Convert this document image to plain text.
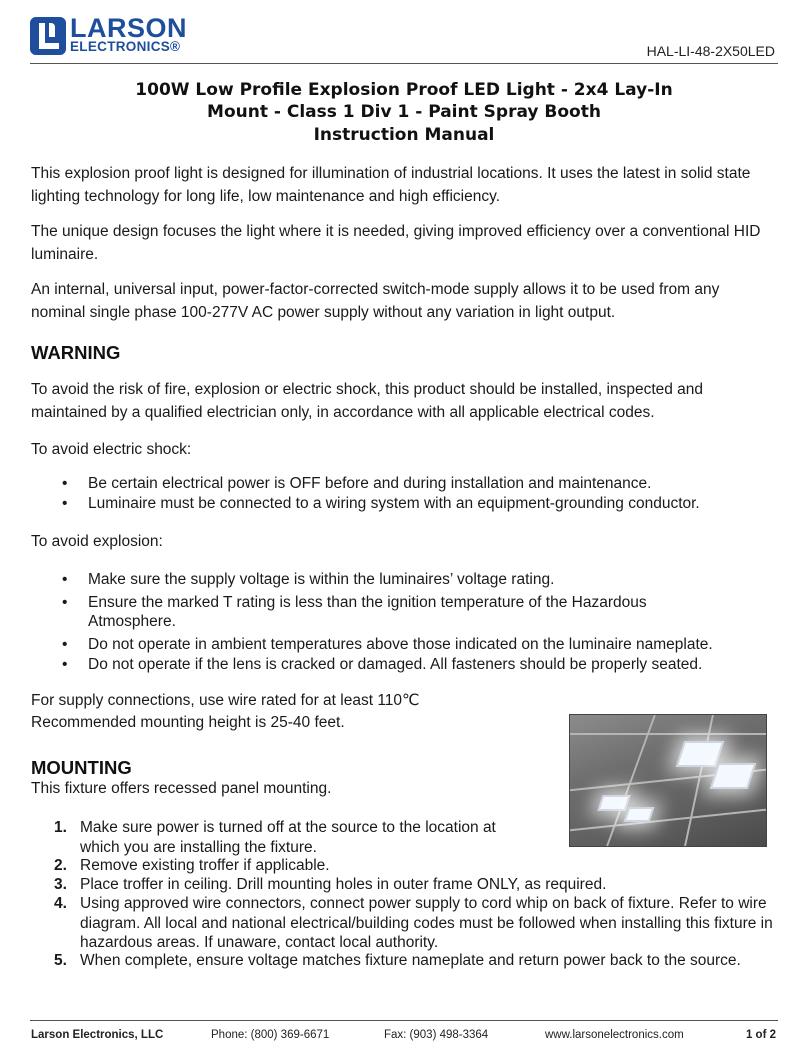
LARSON
ELECTRONICS®	HAL-LI-48-2X50LED
100W Low Profile Explosion Proof LED Light - 2x4 Lay-In
Mount - Class 1 Div 1 - Paint Spray Booth
Instruction Manual
This explosion proof light is designed for illumination of industrial locations. It uses the latest in solid state lighting technology for long life, low maintenance and high efficiency.
The unique design focuses the light where it is needed, giving improved efficiency over a conventional HID luminaire.
An internal, universal input, power-factor-corrected switch-mode supply allows it to be used from any nominal single phase 100-277V AC power supply without any variation in light output.
WARNING
To avoid the risk of fire, explosion or electric shock, this product should be installed, inspected and maintained by a qualified electrician only, in accordance with all applicable electrical codes.
To avoid electric shock:
• Be certain electrical power is OFF before and during installation and maintenance.
• Luminaire must be connected to a wiring system with an equipment-grounding conductor.
To avoid explosion:
• Make sure the supply voltage is within the luminaires’ voltage rating.
• Ensure the marked T rating is less than the ignition temperature of the Hazardous
Atmosphere.
• Do not operate in ambient temperatures above those indicated on the luminaire nameplate.
• Do not operate if the lens is cracked or damaged. All fasteners should be properly seated.
For supply connections, use wire rated for at least 110℃
Recommended mounting height is 25-40 feet.
MOUNTING
This fixture offers recessed panel mounting.
1. Make sure power is turned off at the source to the location at which you are installing the fixture.
2. Remove existing troffer if applicable.
3. Place troffer in ceiling. Drill mounting holes in outer frame ONLY, as required.
4. Using approved wire connectors, connect power supply to cord whip on back of fixture. Refer to wire diagram. All local and national electrical/building codes must be followed when installing this fixture in hazardous areas. If unaware, contact local authority.
5. When complete, ensure voltage matches fixture nameplate and return power back to the source.
Larson Electronics, LLC	Phone: (800) 369-6671	Fax: (903) 498-3364	www.larsonelectronics.com	1 of 2
